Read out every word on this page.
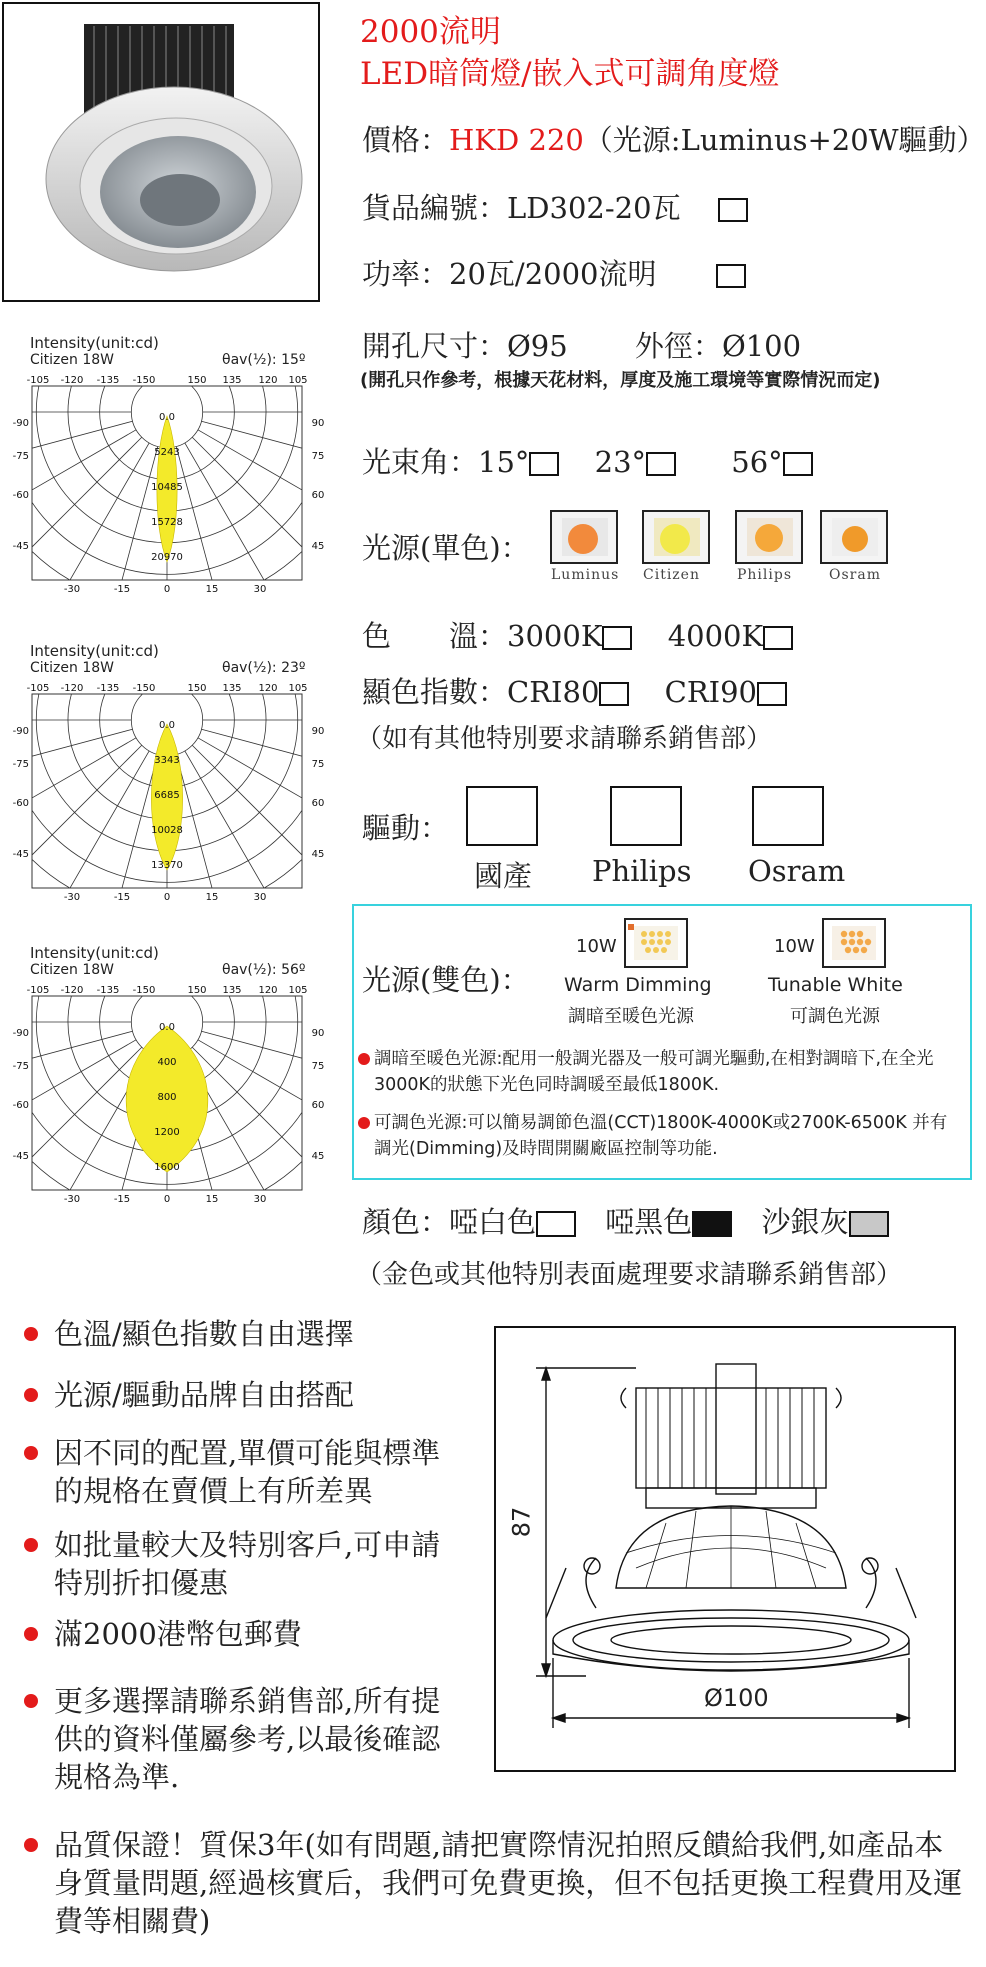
2000流明
LED暗筒燈/嵌入式可調角度燈
價格：HKD 220（光源:Luminus+20W驅動）
貨品編號：LD302-20瓦
功率：20瓦/2000流明
開孔尺寸：Ø95 外徑：Ø100
(開孔只作參考，根據天花材料，厚度及施工環境等實際情況而定)
光束角：15° 23°	56°
光源(單色)：
Luminus Citizen	Philips	Osram
色　　溫：3000K 4000K
顯色指數：CRI80 CRI90
（如有其他特別要求請聯系銷售部）
驅動：
國產 Philips Osram
光源(雙色)：
10W
Warm Dimming
調暗至暖色光源
10W
Tunable White
可調色光源
調暗至暖色光源:配用一般調光器及一般可調光驅動,在相對調暗下,在全光3000K的狀態下光色同時調暖至最低1800K.
可調色光源:可以簡易調節色溫(CCT)1800K-4000K或2700K-6500K 并有調光(Dimming)及時間開關廠區控制等功能.
顏色：啞白色 啞黑色 沙銀灰
（金色或其他特別表面處理要求請聯系銷售部）
Intensity(unit:cd)
Citizen 18W	θav(½): 15º
0.0
5243
10485
15728
20970
-105 -120 -135 -150	150 135 120 105
-90
-75
-60
-45
90
75
60
45
-30	-15	0	15	30
Intensity(unit:cd)
Citizen 18W	θav(½): 23º
0.0
3343
6685
10028
13370
-105 -120 -135 -150	150 135 120 105
-90
-75
-60
-45
90
75
60
45
-30	-15	0	15	30
Intensity(unit:cd)
Citizen 18W	θav(½): 56º
0.0
400
800
1200
1600
-105 -120 -135 -150	150 135 120 105
-90
-75
-60
-45
90
75
60
45
-30	-15	0	15	30
色溫/顯色指數自由選擇
光源/驅動品牌自由搭配
因不同的配置,單價可能與標準的規格在賣價上有所差異
如批量較大及特別客戶,可申請特別折扣優惠
滿2000港幣包郵費
更多選擇請聯系銷售部,所有提供的資料僅屬參考,以最後確認規格為準.
品質保證！質保3年(如有問題,請把實際情況拍照反饋給我們,如產品本身質量問題,經過核實后，我們可免費更換，但不包括更換工程費用及運費等相關費)
87
Ø100
